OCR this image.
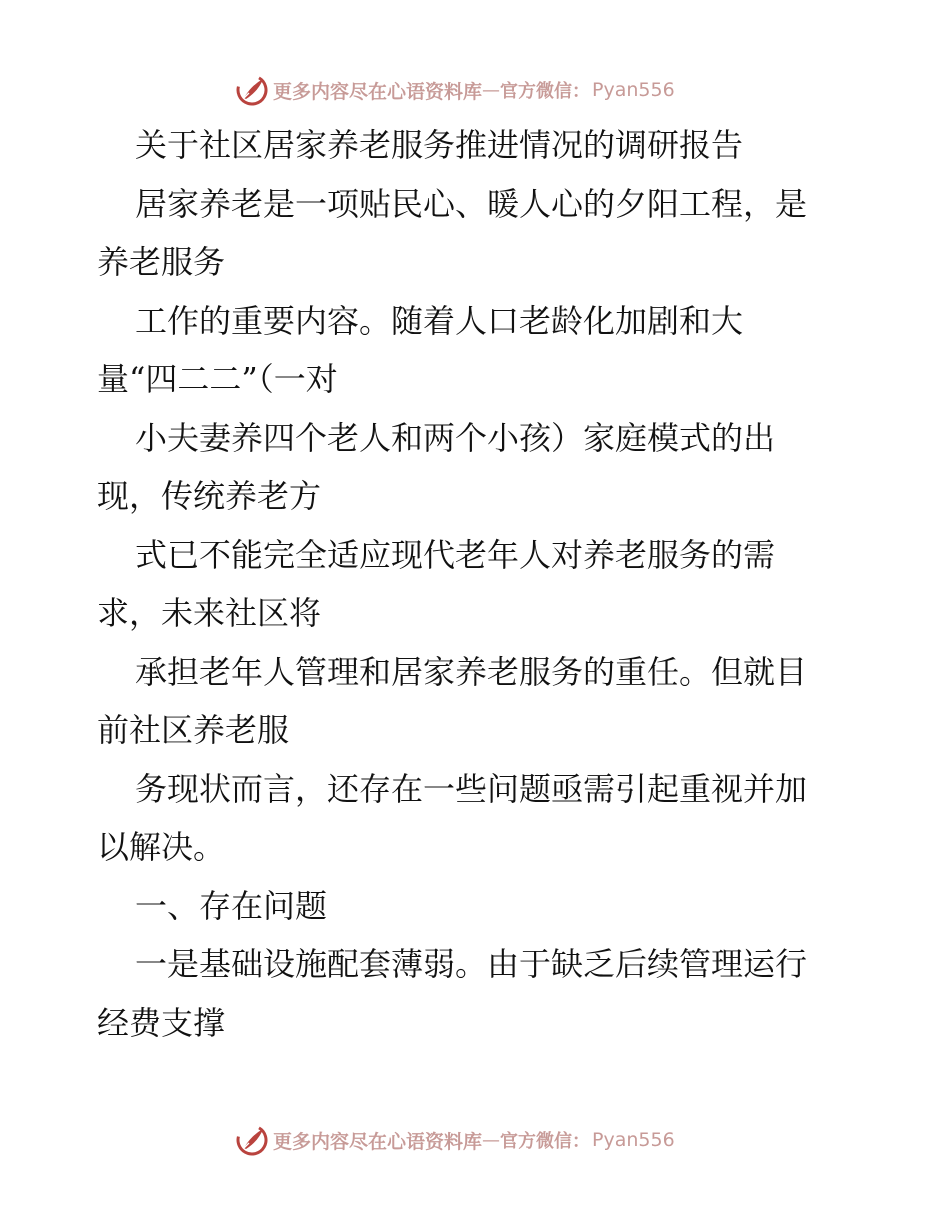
更多内容尽在心语资料库 — 官方微信： Pyan556
关于社区居家养老服务推进情况的调研报告
居家养老是一项贴民心、暖人心的夕阳工程，是
养老服务
工作的重要内容。随着人口老龄化加剧和大
量“四二二”（一对
小夫妻养四个老人和两个小孩）家庭模式的出
现，传统养老方
式已不能完全适应现代老年人对养老服务的需
求，未来社区将
承担老年人管理和居家养老服务的重任。但就目
前社区养老服
务现状而言，还存在一些问题亟需引起重视并加
以解决。
一、存在问题
一是基础设施配套薄弱。由于缺乏后续管理运行
经费支撑
更多内容尽在心语资料库 — 官方微信： Pyan556
